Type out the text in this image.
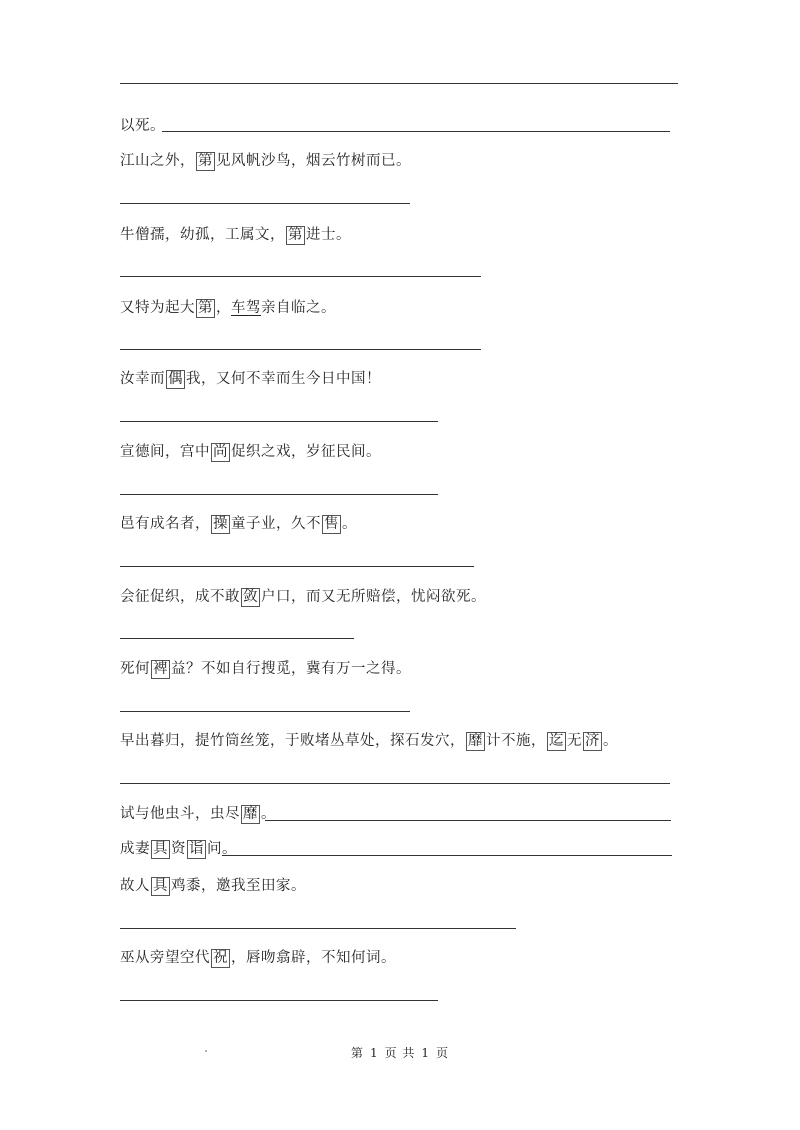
以死。
江山之外， 第 见风帆沙鸟，烟云竹树而已。
牛僧孺，幼孤，工属文， 第 进士。
又特为起大 第 ，车驾亲自临之。
汝幸而 偶 我，又何不幸而生今日中国！
宣德间，宫中 尚 促织之戏，岁征民间。
邑有成名者， 操 童子业，久不 售 。
会征促织，成不敢 敛 户口，而又无所赔偿，忧闷欲死。
死何 裨 益？不如自行搜觅，冀有万一之得。
早出暮归，提竹筒丝笼，于败堵丛草处，探石发穴， 靡 计不施， 迄 无 济 。
试与他虫斗，虫尽 靡 。
成妻 具 资 诣 问。
故人 具 鸡黍，邀我至田家。
巫从旁望空代 祝 ，唇吻翕辟，不知何词。
第 1 页 共 1 页
